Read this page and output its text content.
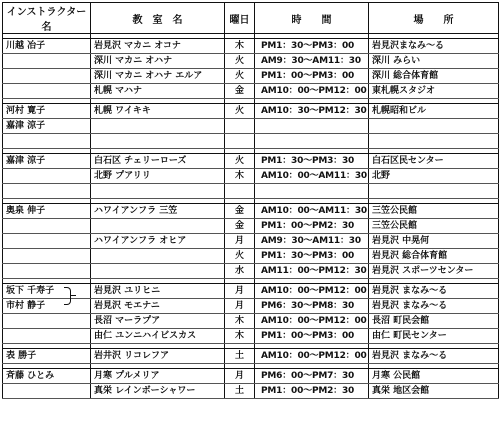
インストラクター名	教　室　名	曜日	時　　間	場　　所

川越 冶子	岩見沢 マカニ オコナ	木	PM1：30～PM3：00	岩見沢まなみ～る
	深川 マカニ オハナ	火	AM9：30～AM11：30	深川 みらい
	深川 マカニ オハナ エルア	火	PM1：00～PM3：00	深川 総合体育館
	札幌 マハナ	金	AM10：00～PM12：00	東札幌スタジオ

河村 寛子	札幌 ワイキキ	火	AM10：30～PM12：30	札幌昭和ビル
嘉津 涼子				

嘉津 涼子	白石区 チェリーローズ	火	PM1：30～PM3：30	白石区民センター
	北野 プアリリ	木	AM10：00～AM11：30	北野

奥泉 伸子	ハワイアンフラ 三笠	金	AM10：00～AM11：30	三笠公民館
		金	PM1：00～PM2：30	三笠公民館
	ハワイアンフラ オヒア	月	AM9：30～AM11：30	岩見沢 中晃何
		火	PM1：30～PM3：00	岩見沢 総合体育館
		水	AM11：00～PM12：30	岩見沢 スポーツセンター

坂下 千寿子	岩見沢 ユリヒニ	月	AM10：00～PM12：00	岩見沢 まなみ～る
市村 静子	岩見沢 モエナニ	月	PM6：30～PM8：30	岩見沢 まなみ～る
	長沼 マーラプア	木	AM10：00～PM12：00	長沼 町民会館
	由仁 ユンニハイビスカス	木	PM1：00～PM3：00	由仁 町民センター

表 勝子	岩井沢 リコレフア	土	AM10：00～PM12：00	岩見沢 まなみ～る

斉藤 ひとみ	月寒 プルメリア	月	PM6：00～PM7：30	月寒 公民館
	真栄 レインボーシャワー	土	PM1：00～PM2：30	真栄 地区会館
